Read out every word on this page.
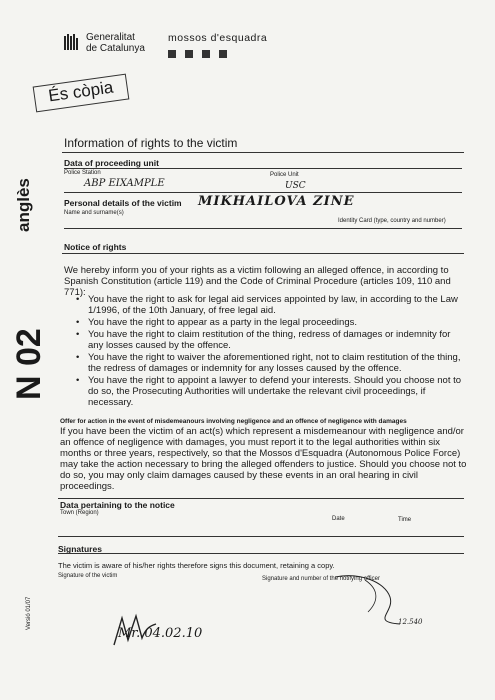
Generalitat
de Catalunya
mossos d'esquadra
És còpia
anglès
N 02
Versió 01/07
Information of rights to the victim
Data of proceeding unit
Police Station	Police Unit
ABP EIXAMPLE	USC
Personal details of the victim MIKHAILOVA ZINE
Name and surname(s)
Identity Card (type, country and number)
Notice of rights
We hereby inform you of your rights as a victim following an alleged offence, in according to Spanish Constitution (article 119) and the Code of Criminal Procedure (articles 109, 110 and 771):
• You have the right to ask for legal aid services appointed by law, in according to the Law 1/1996, of the 10th January, of free legal aid.
• You have the right to appear as a party in the legal proceedings.
• You have the right to claim restitution of the thing, redress of damages or indemnity for any losses caused by the offence.
• You have the right to waiver the aforementioned right, not to claim restitution of the thing, the redress of damages or indemnity for any losses caused by the offence.
• You have the right to appoint a lawyer to defend your interests. Should you choose not to do so, the Prosecuting Authorities will undertake the relevant civil proceedings, if necessary.
Offer for action in the event of misdemeanours involving negligence and an offence of negligence with damages
If you have been the victim of an act(s) which represent a misdemeanour with negligence and/or an offence of negligence with damages, you must report it to the legal authorities within six months or three years, respectively, so that the Mossos d'Esquadra (Autonomous Police Force) may take the action necessary to bring the alleged offenders to justice. Should you choose not to do so, you may only claim damages caused by these events in an oral hearing in civil proceedings.
Data pertaining to the notice
Town (Region)
Date	Time
Signatures
The victim is aware of his/her rights therefore signs this document, retaining a copy.
Signature of the victim	Signature and number of the notifying officer
12.540
Mr. 04.02.10
